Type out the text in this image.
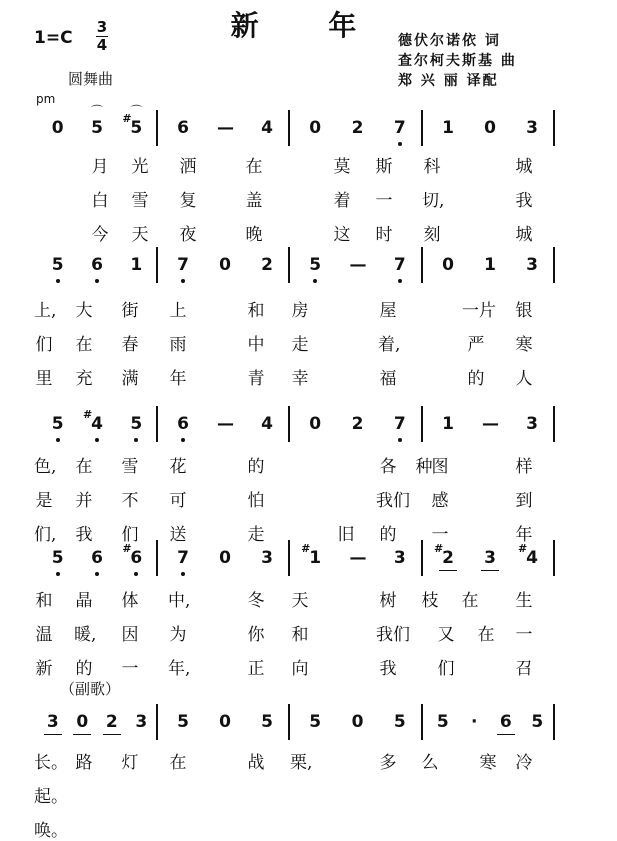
新 年
1=C
3
4	德伏尔诺依 词
查尔柯夫斯基 曲
郑 兴 丽 译配
圆舞曲
pm
（副歌）
0 5
⌒
5
#
⌒
6 — 4 0 2 7 1 0 3
月 光 洒	在	莫 斯 科	城
白 雪 复	盖	着 一 切,	我
今 天 夜	晚	这 时 刻	城
5 6 1 7 0 2 5 — 7 0 1 3
上, 大 街 上	和 房	屋	一片 银
们 在 春 雨	中 走	着,	严 寒
里 充 满 年	青 幸	福	的 人
5 4
# 5 6 — 4 0 2 7 1 — 3
色, 在 雪 花	的	各 种 图	样
是 并 不 可	怕	我们 感	到
们, 我 们 送	走	旧 的 一	年
5 6 6
#	7 0 3 1
# — 3 2
# 3 4
#
和 晶 体 中,	冬 天	树 枝 在 生
温 暖, 因 为	你 和	我们 又 在 一
新 的 一 年,	正 向	我 们	召
3 0 2 3 5 0 5 5 0 5 5 · 6 5
长。 路 灯 在	战 栗,	多 么 寒 冷
起。
唤。
